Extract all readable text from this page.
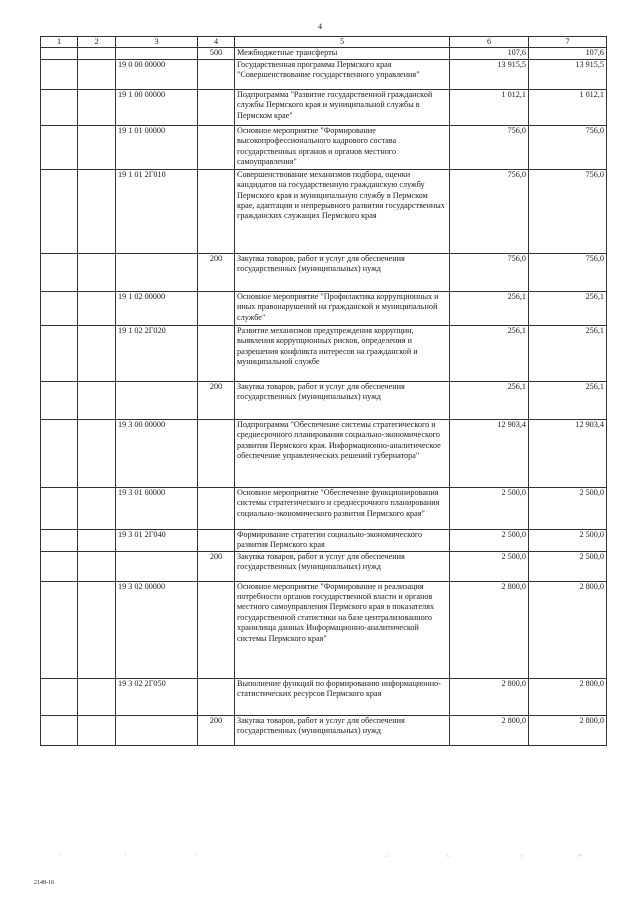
4
1	2	3	4	5	6	7
			500	Межбюджетные трансферты	107,6	107,6
		19 0 00 00000		Государственная программа Пермского края "Совершенствование государственного управления"	13 915,5	13 915,5
		19 1 00 00000		Подпрограмма "Развитие государственной гражданской службы Пермского края и муниципальной службы в Пермском крае"	1 012,1	1 012,1
		19 1 01 00000		Основное мероприятие "Формирование высокопрофессионального кадрового состава государственных органов и органов местного самоуправления"	756,0	756,0
		19 1 01 2Г010		Совершенствование механизмов подбора, оценки кандидатов на государственную гражданскую службу Пермского края и муниципальную службу в Пермском крае, адаптации и непрерывного развития государственных гражданских служащих Пермского края	756,0	756,0
			200	Закупка товаров, работ и услуг для обеспечения государственных (муниципальных) нужд	756,0	756,0
		19 1 02 00000		Основное мероприятие "Профилактика коррупционных и иных правонарушений на гражданской и муниципальной службе"	256,1	256,1
		19 1 02 2Г020		Развитие механизмов предупреждения коррупции, выявления коррупционных рисков, определения и разрешения конфликта интересов на гражданской и муниципальной службе	256,1	256,1
			200	Закупка товаров, работ и услуг для обеспечения государственных (муниципальных) нужд	256,1	256,1
		19 3 00 00000		Подпрограмма "Обеспечение системы стратегического и среднесрочного планирования социально-экономического развития Пермского края. Информационно-аналитическое обеспечение управленческих решений губернатора"	12 903,4	12 903,4
		19 3 01 00000		Основное мероприятие "Обеспечение функционирования системы стратегического и среднесрочного планирования социально-экономического развития Пермского края"	2 500,0	2 500,0
		19 3 01 2Г040		Формирование стратегии социально-экономического развития Пермского края	2 500,0	2 500,0
			200	Закупка товаров, работ и услуг для обеспечения государственных (муниципальных) нужд	2 500,0	2 500,0
		19 3 02 00000		Основное мероприятие "Формирование и реализация потребности органов государственной власти и органов местного самоуправления Пермского края в показателях государственной статистики на базе централизованного хранилища данных Информационно-аналитической системы Пермского края"	2 800,0	2 800,0
		19 3 02 2Г050		Выполнение функций по формированию информационно-статистических ресурсов Пермского края	2 800,0	2 800,0
			200	Закупка товаров, работ и услуг для обеспечения государственных (муниципальных) нужд	2 800,0	2 800,0
'	'	'	·'·	·'·	'·'	·'''
2148-16
